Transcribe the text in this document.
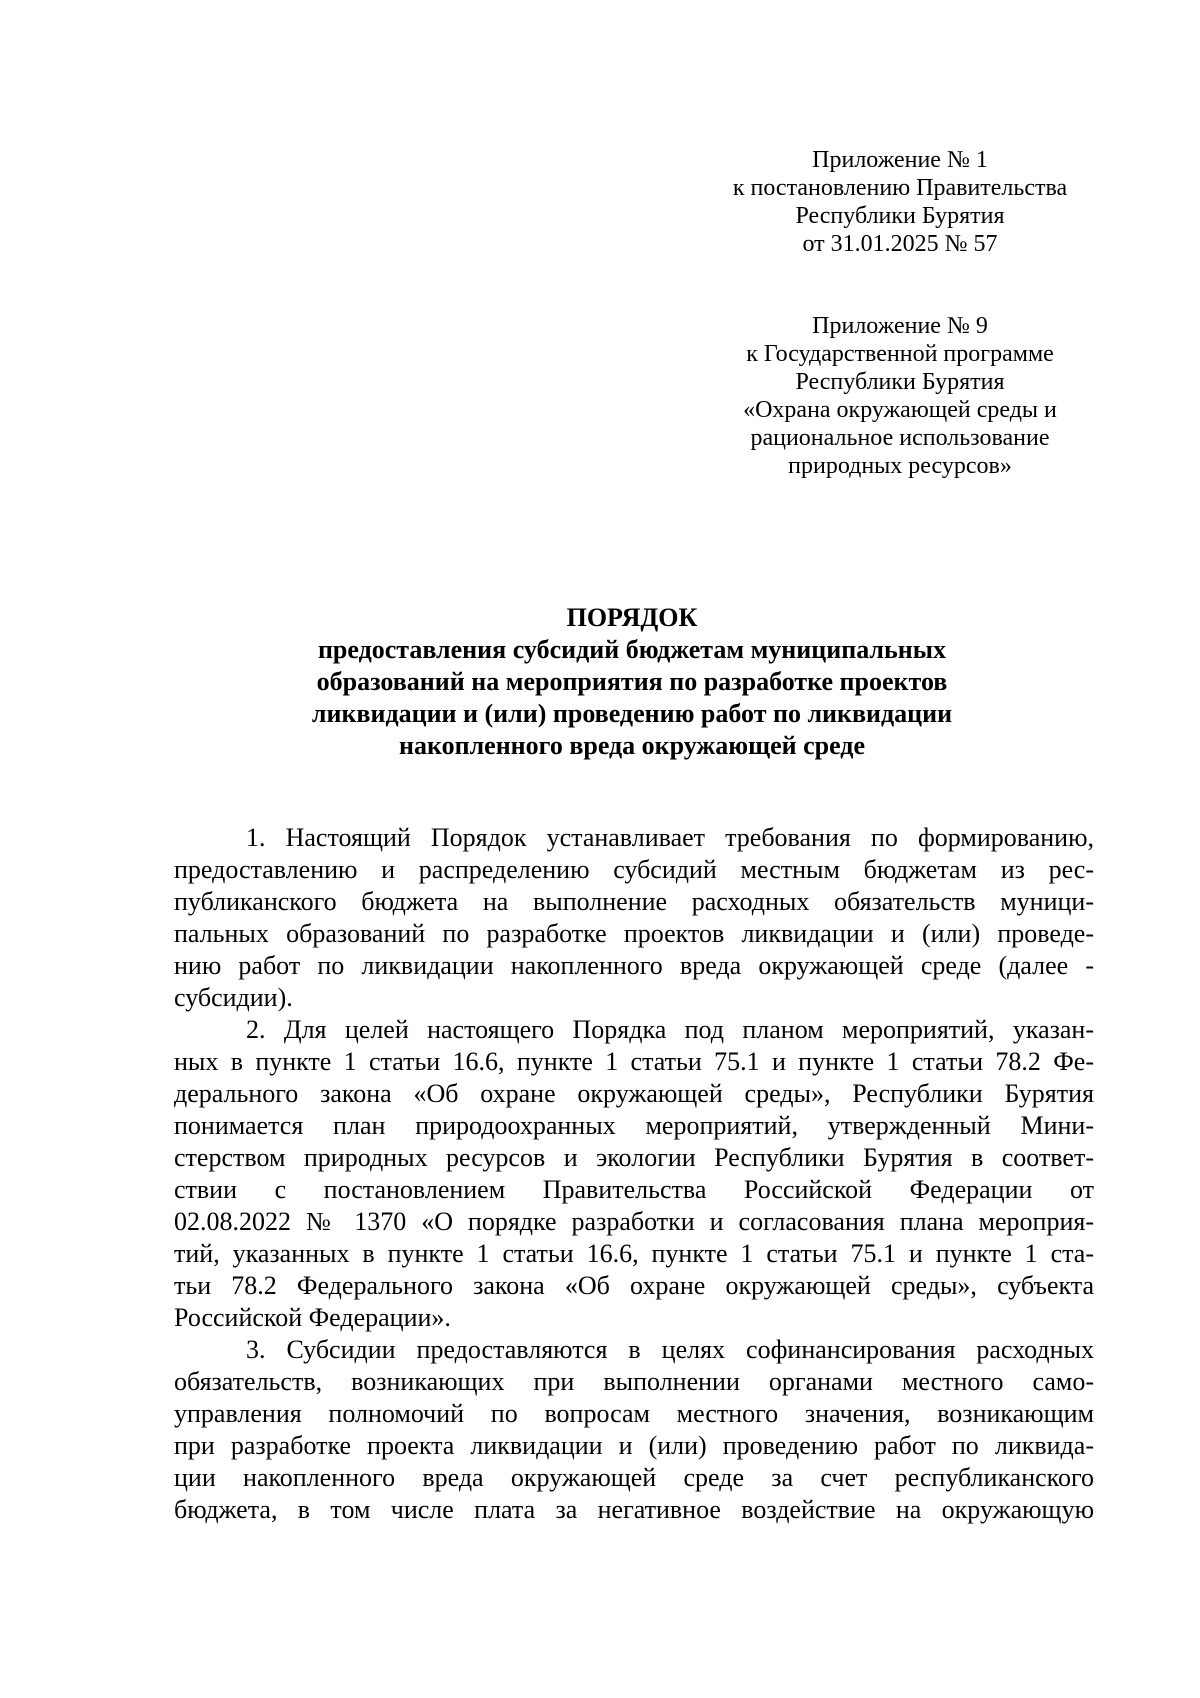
Приложение № 1
к постановлению Правительства
Республики Бурятия
от 31.01.2025 № 57
Приложение № 9
к Государственной программе
Республики Бурятия
«Охрана окружающей среды и
рациональное использование
природных ресурсов»
ПОРЯДОК
предоставления субсидий бюджетам муниципальных
образований на мероприятия по разработке проектов
ликвидации и (или) проведению работ по ликвидации
накопленного вреда окружающей среде
1. Настоящий Порядок устанавливает требования по формированию,
предоставлению и распределению субсидий местным бюджетам из рес-
публиканского бюджета на выполнение расходных обязательств муници-
пальных образований по разработке проектов ликвидации и (или) проведе-
нию работ по ликвидации накопленного вреда окружающей среде (далее -
субсидии).
2. Для целей настоящего Порядка под планом мероприятий, указан-
ных в пункте 1 статьи 16.6, пункте 1 статьи 75.1 и пункте 1 статьи 78.2 Фе-
дерального закона «Об охране окружающей среды», Республики Бурятия
понимается план природоохранных мероприятий, утвержденный Мини-
стерством природных ресурсов и экологии Республики Бурятия в соответ-
ствии с постановлением Правительства Российской Федерации от
02.08.2022 № 1370 «О порядке разработки и согласования плана мероприя-
тий, указанных в пункте 1 статьи 16.6, пункте 1 статьи 75.1 и пункте 1 ста-
тьи 78.2 Федерального закона «Об охране окружающей среды», субъекта
Российской Федерации».
3. Субсидии предоставляются в целях софинансирования расходных
обязательств, возникающих при выполнении органами местного само-
управления полномочий по вопросам местного значения, возникающим
при разработке проекта ликвидации и (или) проведению работ по ликвида-
ции накопленного вреда окружающей среде за счет республиканского
бюджета, в том числе плата за негативное воздействие на окружающую
